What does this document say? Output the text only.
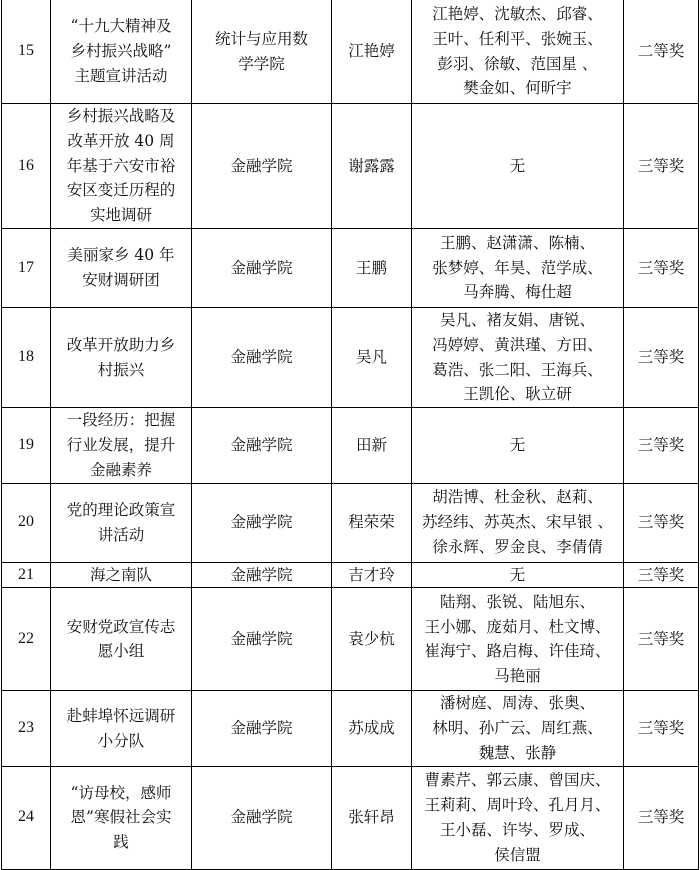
15	“十九大精神及
乡村振兴战略”
主题宣讲活动	统计与应用数
学学院	江艳婷	江艳婷、沈敏杰、邱睿、
王叶、任利平、张婉玉、
彭羽、徐敏、范国星 、
樊金如、何昕宇	二等奖
16	乡村振兴战略及
改革开放 40 周
年基于六安市裕
安区变迁历程的
实地调研	金融学院	谢露露	无	三等奖
17	美丽家乡 40 年
安财调研团	金融学院	王鹏	王鹏、赵潇潇、陈楠、
张梦婷、年昊、范学成、
马奔腾、梅仕超	三等奖
18	改革开放助力乡
村振兴	金融学院	吴凡	吴凡、褚友娟、唐锐、
冯婷婷、黄洪瑾、方田、
葛浩、张二阳、王海兵、
王凯伦、耿立研	三等奖
19	一段经历：把握
行业发展，提升
金融素养	金融学院	田新	无	三等奖
20	党的理论政策宣
讲活动	金融学院	程荣荣	胡浩博、杜金秋、赵莉、
苏经纬、苏英杰、宋早银 、
徐永辉、罗金良、李倩倩	三等奖
21	海之南队	金融学院	吉才玲	无	三等奖
22	安财党政宣传志
愿小组	金融学院	袁少杭	陆翔、张锐、陆旭东、
王小娜、庞茹月、杜文博、
崔海宁、路启梅、许佳琦、
马艳丽	三等奖
23	赴蚌埠怀远调研
小分队	金融学院	苏成成	潘树庭、周涛、张奥、
林明、孙广云、周红燕、
魏慧、张静	三等奖
24	“访母校，感师
恩”寒假社会实
践	金融学院	张轩昂	曹素芹、郭云康、曾国庆、
王莉莉、周叶玲、孔月月、
王小磊、许岑、罗成、
侯信盟	三等奖
